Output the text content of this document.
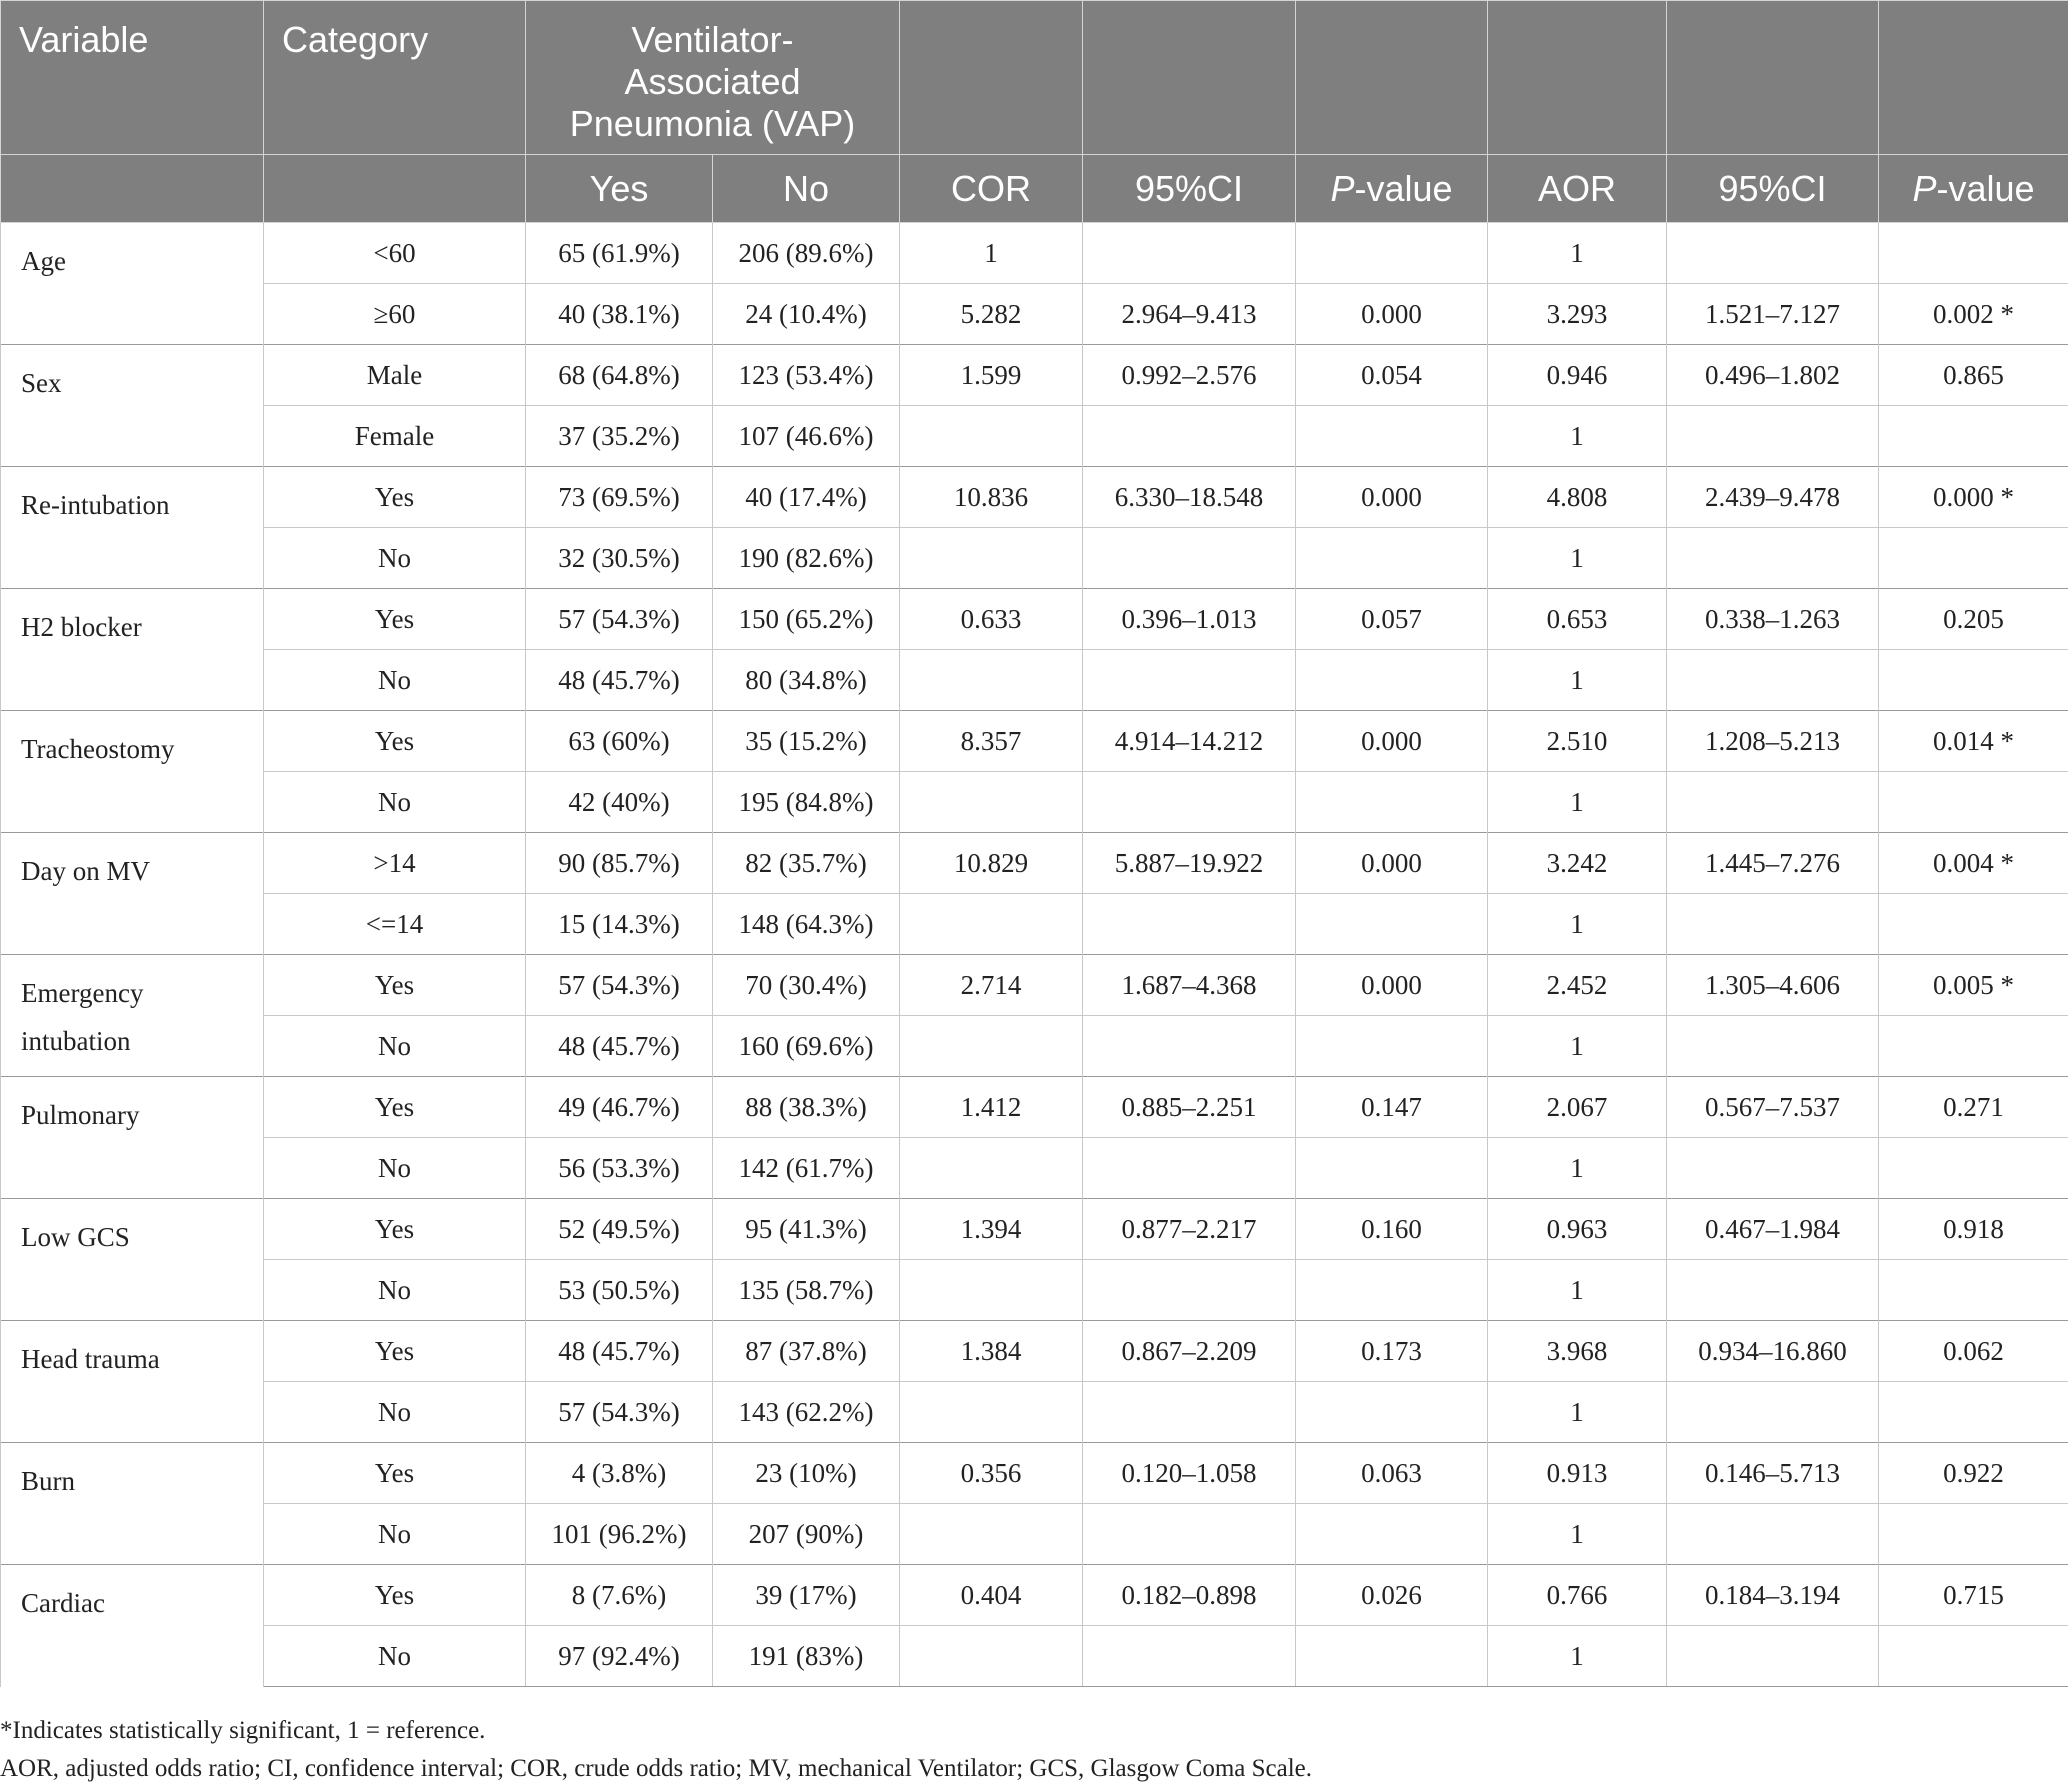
Variable	Category	Ventilator-Associated Pneumonia (VAP)							
		Yes	No	COR	95%CI	P-value	AOR	95%CI	P-value
Age	<60	65 (61.9%)	206 (89.6%)	1			1		
	≥60	40 (38.1%)	24 (10.4%)	5.282	2.964–9.413	0.000	3.293	1.521–7.127	0.002 *
Sex	Male	68 (64.8%)	123 (53.4%)	1.599	0.992–2.576	0.054	0.946	0.496–1.802	0.865
	Female	37 (35.2%)	107 (46.6%)				1		
Re-intubation	Yes	73 (69.5%)	40 (17.4%)	10.836	6.330–18.548	0.000	4.808	2.439–9.478	0.000 *
	No	32 (30.5%)	190 (82.6%)				1		
H2 blocker	Yes	57 (54.3%)	150 (65.2%)	0.633	0.396–1.013	0.057	0.653	0.338–1.263	0.205
	No	48 (45.7%)	80 (34.8%)				1		
Tracheostomy	Yes	63 (60%)	35 (15.2%)	8.357	4.914–14.212	0.000	2.510	1.208–5.213	0.014 *
	No	42 (40%)	195 (84.8%)				1		
Day on MV	>14	90 (85.7%)	82 (35.7%)	10.829	5.887–19.922	0.000	3.242	1.445–7.276	0.004 *
	<=14	15 (14.3%)	148 (64.3%)				1		
Emergency intubation	Yes	57 (54.3%)	70 (30.4%)	2.714	1.687–4.368	0.000	2.452	1.305–4.606	0.005 *
	No	48 (45.7%)	160 (69.6%)				1		
Pulmonary	Yes	49 (46.7%)	88 (38.3%)	1.412	0.885–2.251	0.147	2.067	0.567–7.537	0.271
	No	56 (53.3%)	142 (61.7%)				1		
Low GCS	Yes	52 (49.5%)	95 (41.3%)	1.394	0.877–2.217	0.160	0.963	0.467–1.984	0.918
	No	53 (50.5%)	135 (58.7%)				1		
Head trauma	Yes	48 (45.7%)	87 (37.8%)	1.384	0.867–2.209	0.173	3.968	0.934–16.860	0.062
	No	57 (54.3%)	143 (62.2%)				1		
Burn	Yes	4 (3.8%)	23 (10%)	0.356	0.120–1.058	0.063	0.913	0.146–5.713	0.922
	No	101 (96.2%)	207 (90%)				1		
Cardiac	Yes	8 (7.6%)	39 (17%)	0.404	0.182–0.898	0.026	0.766	0.184–3.194	0.715
	No	97 (92.4%)	191 (83%)				1		
*Indicates statistically significant, 1 = reference.
AOR, adjusted odds ratio; CI, confidence interval; COR, crude odds ratio; MV, mechanical Ventilator; GCS, Glasgow Coma Scale.
